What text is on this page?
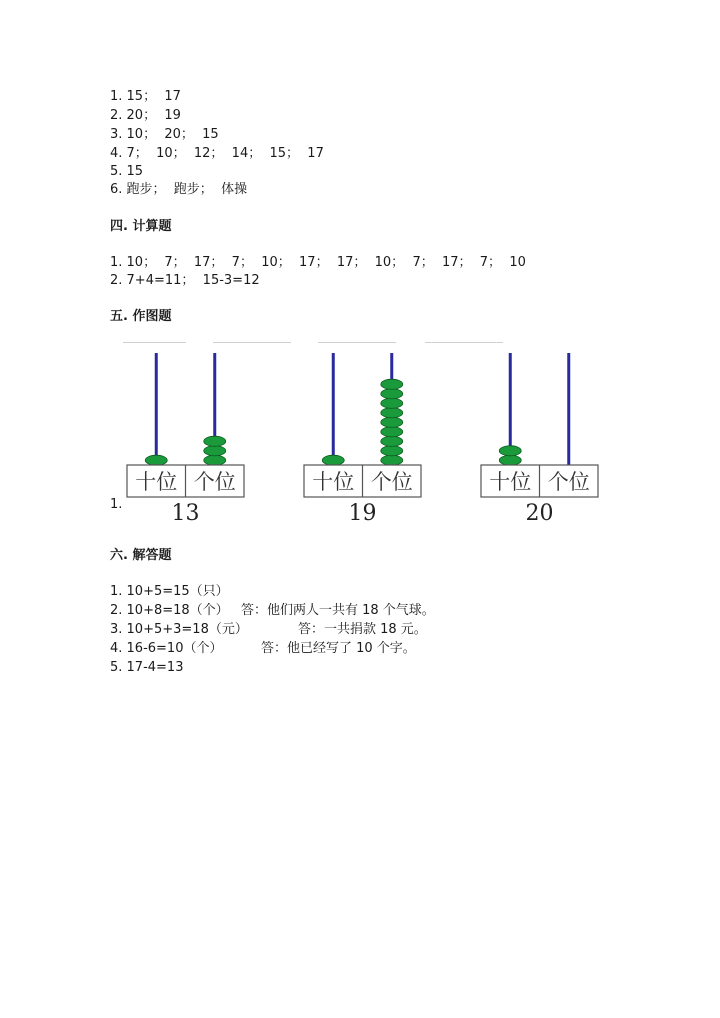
1. 15；  17
2. 20；  19
3. 10；  20；  15
4. 7；  10；  12；  14；  15；  17
5. 15
6. 跑步；  跑步；  体操
四. 计算题
1. 10；  7；  17；  7；  10；  17；  17；  10；  7；  17；  7；  10
2. 7+4=11；  15-3=12
五. 作图题
1.
十位 个位
13
十位 个位
19
十位 个位
20
六. 解答题
1. 10+5=15（只）
2. 10+8=18（个） 答：他们两人一共有 18 个气球。
3. 10+5+3=18（元）	答：一共捐款 18 元。
4. 16-6=10（个）	答：他已经写了 10 个字。
5. 17-4=13
